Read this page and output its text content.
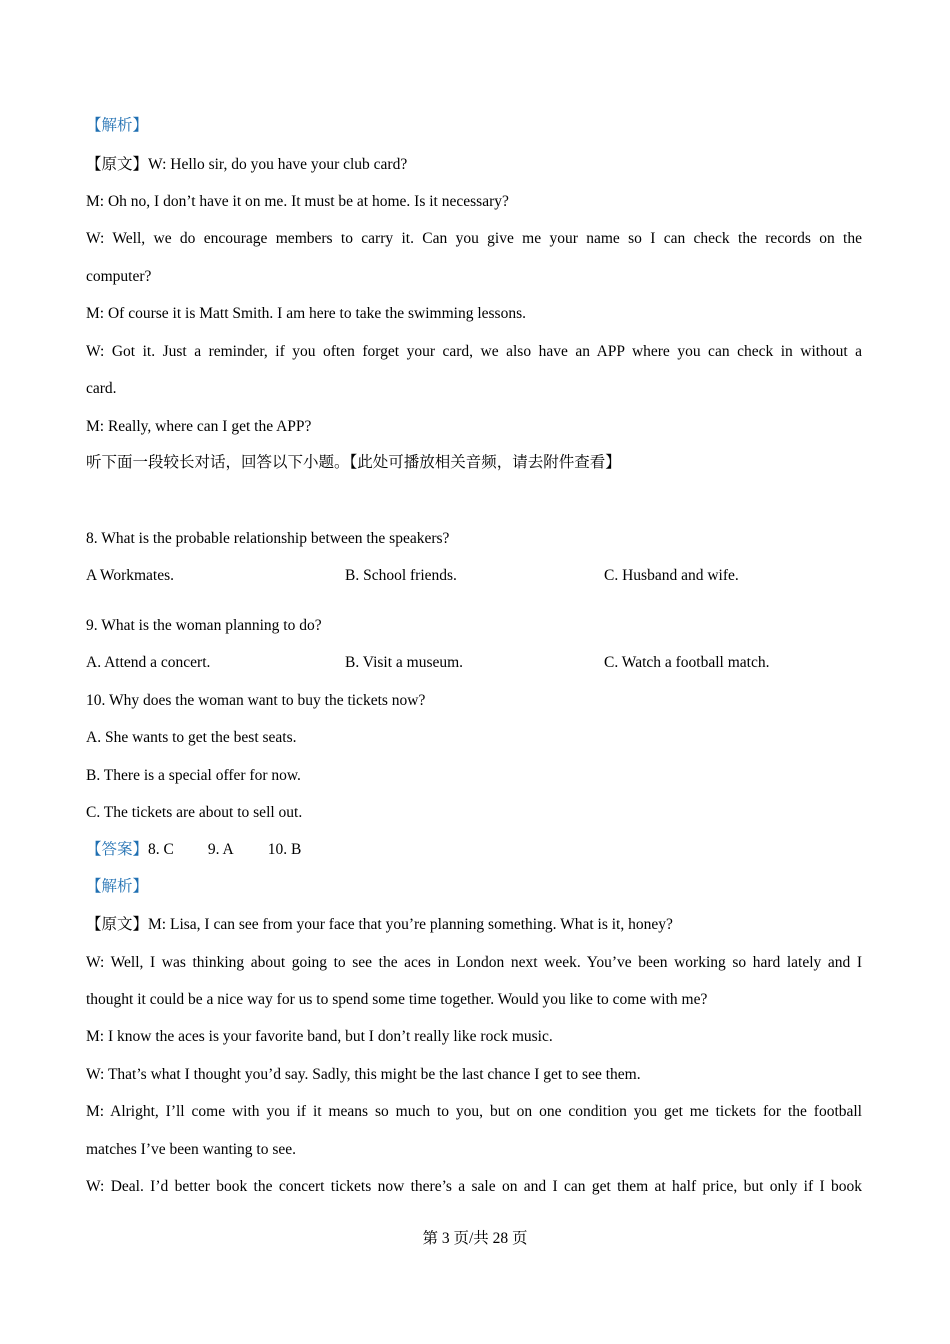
【解析】
【原文】W: Hello sir, do you have your club card?
M: Oh no, I don’t have it on me. It must be at home. Is it necessary?
W: Well, we do encourage members to carry it. Can you give me your name so I can check the records on the
computer?
M: Of course it is Matt Smith. I am here to take the swimming lessons.
W: Got it. Just a reminder, if you often forget your card, we also have an APP where you can check in without a
card.
M: Really, where can I get the APP?
听下面一段较长对话，回答以下小题。【此处可播放相关音频，请去附件查看】
8. What is the probable relationship between the speakers?
A Workmates.	B. School friends.	C. Husband and wife.
9. What is the woman planning to do?
A. Attend a concert.	B. Visit a museum.	C. Watch a football match.
10. Why does the woman want to buy the tickets now?
A. She wants to get the best seats.
B. There is a special offer for now.
C. The tickets are about to sell out.
【答案】8. C 9. A 10. B
【解析】
【原文】M: Lisa, I can see from your face that you’re planning something. What is it, honey?
W: Well, I was thinking about going to see the aces in London next week. You’ve been working so hard lately and I
thought it could be a nice way for us to spend some time together. Would you like to come with me?
M: I know the aces is your favorite band, but I don’t really like rock music.
W: That’s what I thought you’d say. Sadly, this might be the last chance I get to see them.
M: Alright, I’ll come with you if it means so much to you, but on one condition you get me tickets for the football
matches I’ve been wanting to see.
W: Deal. I’d better book the concert tickets now there’s a sale on and I can get them at half price, but only if I book
第 3 页/共 28 页
